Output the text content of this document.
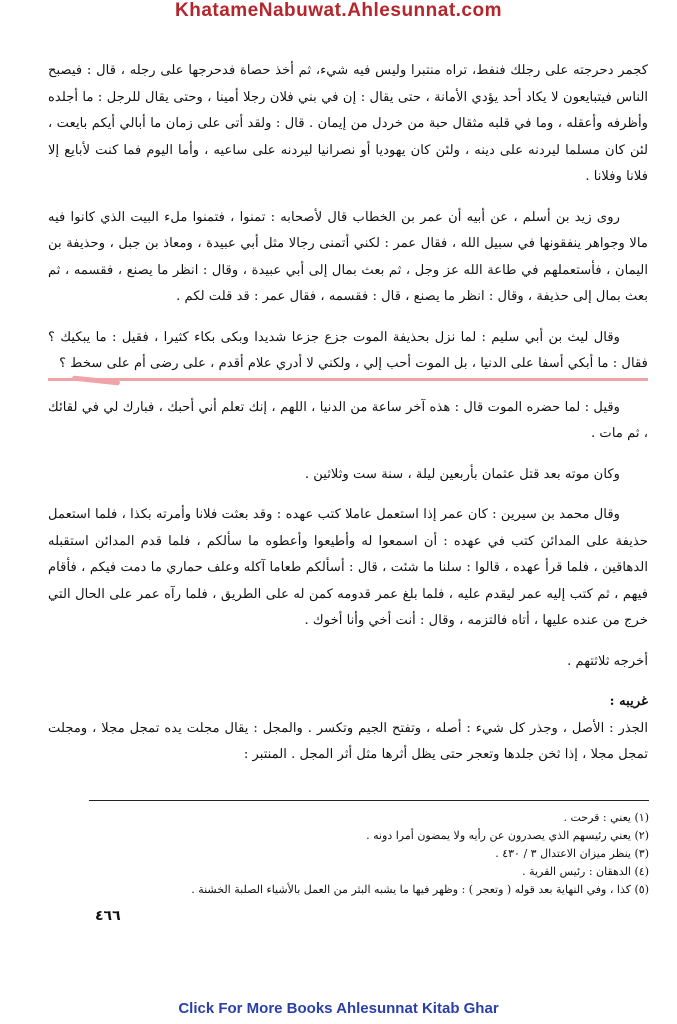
KhatameNabuwat.Ahlesunnat.com

كجمر دحرجته على رجلك فنفط، تراه منتبرا وليس فيه شيء، ثم أخذ حصاة فدحرجها على رجله ، قال : فيصبح الناس فيتبايعون لا يكاد أحد يؤدي الأمانة ، حتى يقال : إن في بني فلان رجلا أمينا ، وحتى يقال للرجل : ما أجلده وأظرفه وأعقله ، وما في قلبه مثقال حبة من خردل من إيمان . قال : ولقد أتى على زمان ما أبالي أيكم بايعت ، لئن كان مسلما ليردنه على دينه ، ولئن كان يهوديا أو نصرانيا ليردنه على ساعيه ، وأما اليوم فما كنت لأبايع إلا فلانا وفلانا .

روى زيد بن أسلم ، عن أبيه أن عمر بن الخطاب قال لأصحابه : تمنوا ، فتمنوا ملء البيت الذي كانوا فيه مالا وجواهر ينفقونها في سبيل الله ، فقال عمر : لكني أتمنى رجالا مثل أبي عبيدة ، ومعاذ بن جبل ، وحذيفة بن اليمان ، فأستعملهم في طاعة الله عز وجل ، ثم بعث بمال إلى أبي عبيدة ، وقال : انظر ما يصنع ، فقسمه ، ثم بعث بمال إلى حذيفة ، وقال : انظر ما يصنع ، قال : فقسمه ، فقال عمر : قد قلت لكم .

وقال ليث بن أبي سليم : لما نزل بحذيفة الموت جزع جزعا شديدا وبكى بكاء كثيرا ، فقيل : ما يبكيك ؟ فقال : ما أبكي أسفا على الدنيا ، بل الموت أحب إلي ، ولكني لا أدري علام أقدم ، على رضى أم على سخط ؟

وقيل : لما حضره الموت قال : هذه آخر ساعة من الدنيا ، اللهم ، إنك تعلم أني أحبك ، فبارك لي في لقائك ، ثم مات .

وكان موته بعد قتل عثمان بأربعين ليلة ، سنة ست وثلاثين .

وقال محمد بن سيرين : كان عمر إذا استعمل عاملا كتب عهده : وقد بعثت فلانا وأمرته بكذا ، فلما استعمل حذيفة على المدائن كتب في عهده : أن اسمعوا له وأطيعوا وأعطوه ما سألكم ، فلما قدم المدائن استقبله الدهاقين ، فلما قرأ عهده ، قالوا : سلنا ما شئت ، قال : أسألكم طعاما آكله وعلف حماري ما دمت فيكم ، فأقام فيهم ، ثم كتب إليه عمر ليقدم عليه ، فلما بلغ عمر قدومه كمن له على الطريق ، فلما رآه عمر على الحال التي خرج من عنده عليها ، أتاه فالتزمه ، وقال : أنت أخي وأنا أخوك .

أخرجه ثلاثتهم .

غريبه :

الجذر : الأصل ، وجذر كل شيء : أصله ، وتفتح الجيم وتكسر . والمجل : يقال مجلت يده تمجل مجلا ، ومجلت تمجل مجلا ، إذا ثخن جلدها وتعجر حتى يظل أثرها مثل أثر المجل . المنتبر :

(١) يعني : قرحت .
(٢) يعني رئيسهم الذي يصدرون عن رأيه ولا يمضون أمرا دونه .
(٣) ينظر ميزان الاعتدال ٣ / ٤٣٠ .
(٤) الدهقان : رئيس القرية .
(٥) كذا ، وفي النهاية بعد قوله ( وتعجر ) : وظهر فيها ما يشبه البثر من العمل بالأشياء الصلبة الخشنة .
٤٦٦
Click For More Books Ahlesunnat Kitab Ghar
